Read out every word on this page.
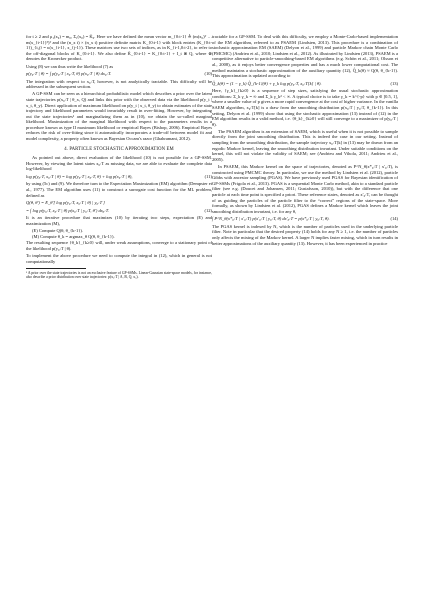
for t ≥ 2 and μ₁(x₀) = m₀, Σ₁(x₀) = K̄₀. Here we have defined the mean vector m_{0:t-1} ≜ (m(x₀)ᵀ … m(x_{t-1})ᵀ)ᵀ and the (n_x t) × (n_x t) positive definite matrix K_{0:t-1} with block entries (K_{0:t-1})_{i,j} = κ(x_{i-1}, x_{j-1}). These matrices use two sets of indices, as in K_{t-1,0:t-2}, to refer to the off-diagonal blocks of K_{0:t-1}. We also define K̄_{0:t-1} = K_{0:t-1} + I_t ⊗ Q, where ⊗ denotes the Kronecker product.

Using (8) we can thus write the likelihood (7) as

p(y₀:T | θ) = ∫ p(y₀:T | x₀:T, θ) p(x₀:T | θ) dx₀:T.	(10)

The integration with respect to x₀:T, however, is not analytically tractable. This difficulty will be addressed in the subsequent section.

A GP-SSM can be seen as a hierarchical probabilistic model which describes a prior over the latent state trajectories p(x₀:T | θ_x, Q) and links this prior with the observed data via the likelihood p(y_t | x_t, θ_y). Direct application of maximum likelihood on p(y_t | x_t, θ_y) to obtain estimates of the state trajectory and likelihood parameters would invariably result in over-fitting. However, by integrating out the state trajectories¹ and marginalizing them as in (10), we obtain the so-called marginal likelihood. Maximization of the marginal likelihood with respect to the parameters results in a procedure known as type II maximum likelihood or empirical Bayes (Bishop, 2006). Empirical Bayes reduces the risk of over-fitting since it automatically incorporates a trade-off between model fit and model complexity, a property often known as Bayesian Occam's razor (Ghahramani, 2012).

4. PARTICLE STOCHASTIC APPROXIMATION EM

As pointed out above, direct evaluation of the likelihood (10) is not possible for a GP-SSM. However, by viewing the latent states x₀:T as missing data, we are able to evaluate the complete data log-likelihood

log p(y₀:T, x₀:T | θ) = log p(y₀:T | x₀:T, θ) + log p(x₀:T | θ),	(11)

by using (5c) and (9). We therefore turn to the Expectation Maximization (EM) algorithm (Dempster et al., 1977). The EM algorithm uses (11) to construct a surrogate cost function for the ML problem, defined as

Q(θ, θ′) = E_θ′[ log p(y₀:T, x₀:T | θ) | y₀:T ]
= ∫ log p(y₀:T, x₀:T | θ) p(x₀:T | y₀:T, θ′) dx₀:T.	(12)

It is an iterative procedure that maximizes (10) by iterating two steps, expectation (E) and maximization (M),

(E) Compute Q(θ, θ_{k-1}).
(M) Compute θ_k = argmax_θ Q(θ, θ_{k-1}).

The resulting sequence {θ_k}_{k≥0} will, under weak assumptions, converge to a stationary point of the likelihood p(y₀:T | θ).

To implement the above procedure we need to compute the integral in (12), which in general is not computationally

¹ A prior over the state trajectories is not an exclusive feature of GP-SSMs. Linear-Gaussian state-space models, for instance, also describe a prior distribution over state trajectories: p(x₀:T | A, B, Q, x₀).

tractable for a GP-SSM. To deal with this difficulty, we employ a Monte-Carlo-based implementation of the EM algorithm, referred to as PSAEM (Lindsten, 2013). This procedure is a combination of stochastic approximation EM (SAEM) (Delyon et al., 1999) and particle Markov chain Monte Carlo (PMCMC) (Andrieu et al., 2010; Lindsten et al., 2012). As illustrated by Lindsten (2013), PSAEM is a competitive alternative to particle-smoothing-based EM algorithms (e.g. Schön et al., 2011; Olsson et al., 2008), as it enjoys better convergence properties and has a much lower computational cost. The method maintains a stochastic approximation of the auxiliary quantity (12), Q̂_k(θ) ≈ Q(θ, θ_{k-1}). This approximation is updated according to

Q̂_k(θ) = (1 − γ_k) Q̂_{k-1}(θ) + γ_k log p(y₀:T, x₀:T[k] | θ).	(13)

Here, {γ_k}_{k≥0} is a sequence of step sizes, satisfying the usual stochastic approximation conditions: Σ_k γ_k = ∞ and Σ_k γ_k² < ∞. A typical choice is to take γ_k = k^{-p} with p ∈ ]0.5, 1], where a smaller value of p gives a more rapid convergence at the cost of higher variance. In the vanilla SAEM algorithm, x₀:T[k] is a draw from the smoothing distribution p(x₀:T | y₀:T, θ_{k-1}). In this setting, Delyon et al. (1999) show that using the stochastic approximation (13) instead of (12) in the EM algorithm results in a valid method, i.e. {θ_k}_{k≥0} will still converge to a maximizer of p(y₀:T | θ).

The PSAEM algorithm is an extension of SAEM, which is useful when it is not possible to sample directly from the joint smoothing distribution. This is indeed the case in our setting. Instead of sampling from the smoothing distribution, the sample trajectory x₀:T[k] in (13) may be drawn from an ergodic Markov kernel, leaving the smoothing distribution invariant. Under suitable conditions on the kernel, this will not violate the validity of SAEM; see (Andrieu and Vihola, 2011; Andrieu et al., 2005).

In PSAEM, this Markov kernel on the space of trajectories, denoted as P^N_θ(x*₀:T | x′₀:T), is constructed using PMCMC theory. In particular, we use the method by Lindsten et al. (2012), particle Gibbs with ancestor sampling (PGAS). We have previously used PGAS for Bayesian identification of GP-SSMs (Frigola et al., 2013). PGAS is a sequential Monte Carlo method, akin to a standard particle filter (see e.g. (Doucet and Johansen, 2011; Gustafsson, 2010)), but with the difference that one particle at each time point is specified a priori. These reference states, denoted as x′₀:T, can be thought of as guiding the particles of the particle filter to the “correct” regions of the state-space. More formally, as shown by Lindsten et al. (2012), PGAS defines a Markov kernel which leaves the joint smoothing distribution invariant, i.e. for any θ,

∫ P^N_θ(x*₀:T | x′₀:T) p(x′₀:T | y₀:T, θ) dx′₀:T = p(x*₀:T | y₀:T, θ).	(14)

The PGAS kernel is indexed by N, which is the number of particles used in the underlying particle filter. Note in particular that the desired property (14) holds for any N ≥ 1, i.e. the number of particles only affects the mixing of the Markov kernel. A larger N implies faster mixing, which in turn results in better approximations of the auxiliary quantity (13). However, it has been experienced in practice
